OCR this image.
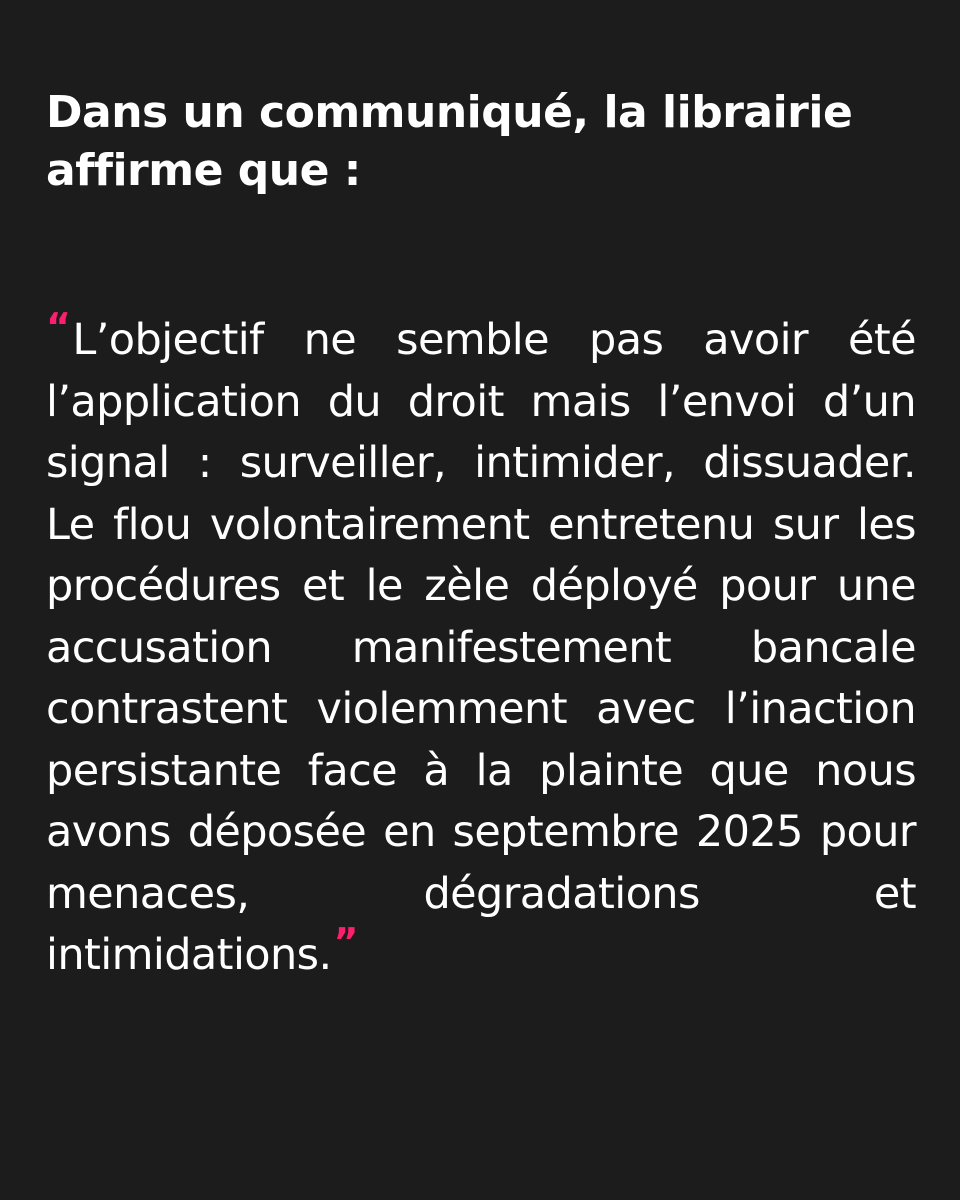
Dans un communiqué, la librairie affirme que :

“L’objectif ne semble pas avoir été l’application du droit mais l’envoi d’un signal : surveiller, intimider, dissuader. Le flou volontairement entretenu sur les procédures et le zèle déployé pour une accusation manifestement bancale contrastent violemment avec l’inaction persistante face à la plainte que nous avons déposée en septembre 2025 pour menaces, dégradations et intimidations.”
